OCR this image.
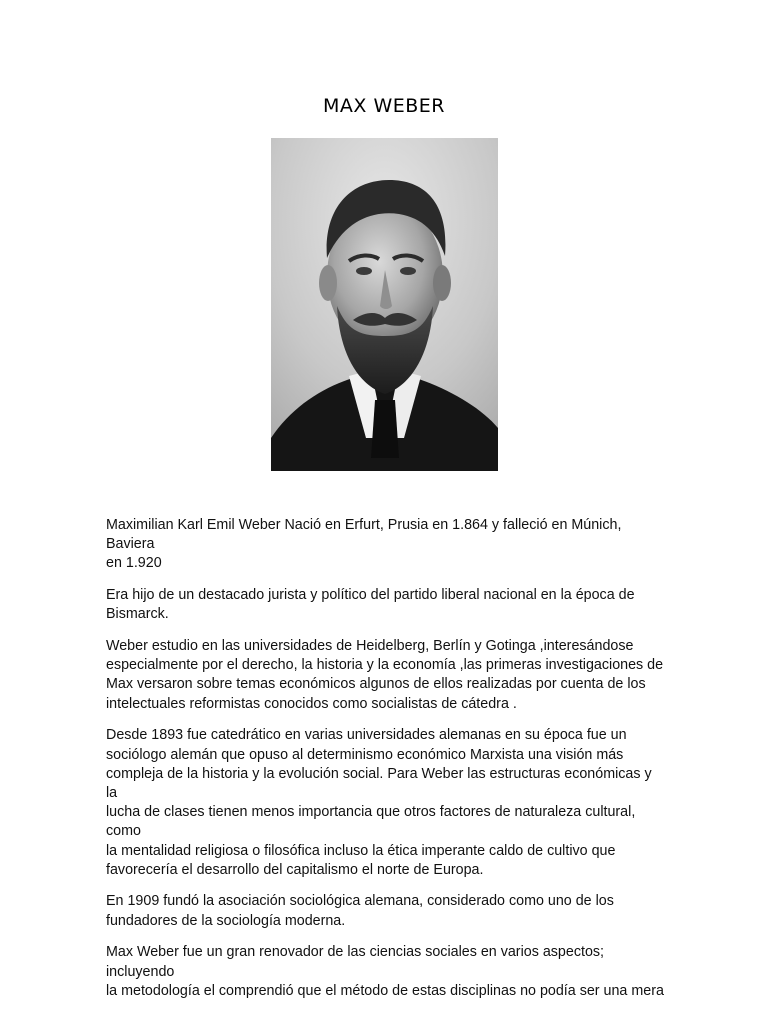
MAX WEBER

Maximilian Karl Emil Weber Nació en Erfurt, Prusia en 1.864 y falleció en Múnich, Baviera
en 1.920

Era hijo de un destacado jurista y político del partido liberal nacional en la época de
Bismarck.

Weber estudio en las universidades de Heidelberg, Berlín y Gotinga ,interesándose
especialmente por el derecho, la historia y la economía ,las primeras investigaciones de
Max versaron sobre temas económicos algunos de ellos realizadas por cuenta de los
intelectuales reformistas conocidos como socialistas de cátedra .

Desde 1893 fue catedrático en varias universidades alemanas en su época fue un
sociólogo alemán que opuso al determinismo económico Marxista una visión más
compleja de la historia y la evolución social. Para Weber las estructuras económicas y la
lucha de clases tienen menos importancia que otros factores de naturaleza cultural, como
la mentalidad religiosa o filosófica incluso la ética imperante caldo de cultivo que
favorecería el desarrollo del capitalismo el norte de Europa.

En 1909 fundó la asociación sociológica alemana, considerado como uno de los
fundadores de la sociología moderna.

Max Weber fue un gran renovador de las ciencias sociales en varios aspectos; incluyendo
la metodología el comprendió que el método de estas disciplinas no podía ser una mera
